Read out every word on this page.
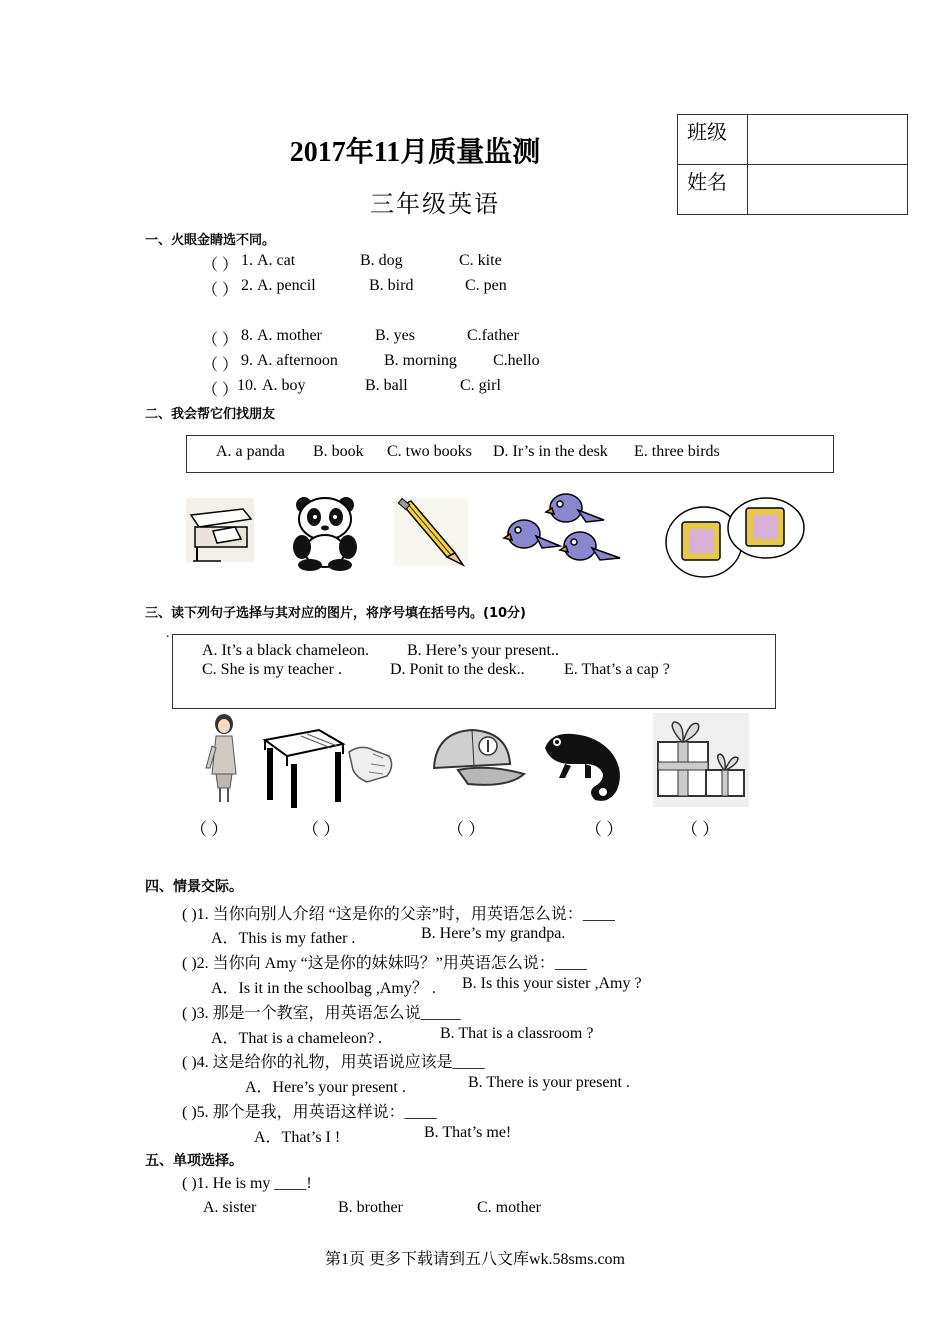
班级	
姓名	
2017年11月质量监测
三年级英语
一、火眼金睛选不同。
（ ） 1. A. cat	B. dog	C. kite
（ ） 2. A. pencil	B. bird	C. pen
（ ） 8. A. mother	B. yes	C.father
（ ） 9. A. afternoon	B. morning C.hello
（ ）
10. A. boy	B. ball	C. girl
二、我会帮它们找朋友
A. a panda B. book C. two books D. Ir’s in the desk E. three birds
三、读下列句子选择与其对应的图片，将序号填在括号内。(10分)
.
A. It’s a black chameleon. B. Here’s your present..
C. She is my teacher .	D. Ponit to the desk.. E. That’s a cap ?
（ ）	（ ）	（ ）	（ ）	（ ）
四、情景交际。
( )1. 当你向别人介绍 “这是你的父亲”时，用英语怎么说：____
A．This is my father .	B. Here’s my grandpa.
( )2. 当你向 Amy “这是你的妹妹吗？”用英语怎么说：____
A．Is it in the schoolbag ,Amy？ . B. Is this your sister ,Amy ?
( )3. 那是一个教室，用英语怎么说_____
A．That is a chameleon? .	B. That is a classroom ?
( )4. 这是给你的礼物，用英语说应该是____
A．Here’s your present .	B. There is your present .
( )5. 那个是我，用英语这样说：____
A．That’s I !	B. That’s me!
五、单项选择。
( )1. He is my ____!
A. sister	B. brother	C. mother
第1页 更多下载请到五八文库wk.58sms.com
